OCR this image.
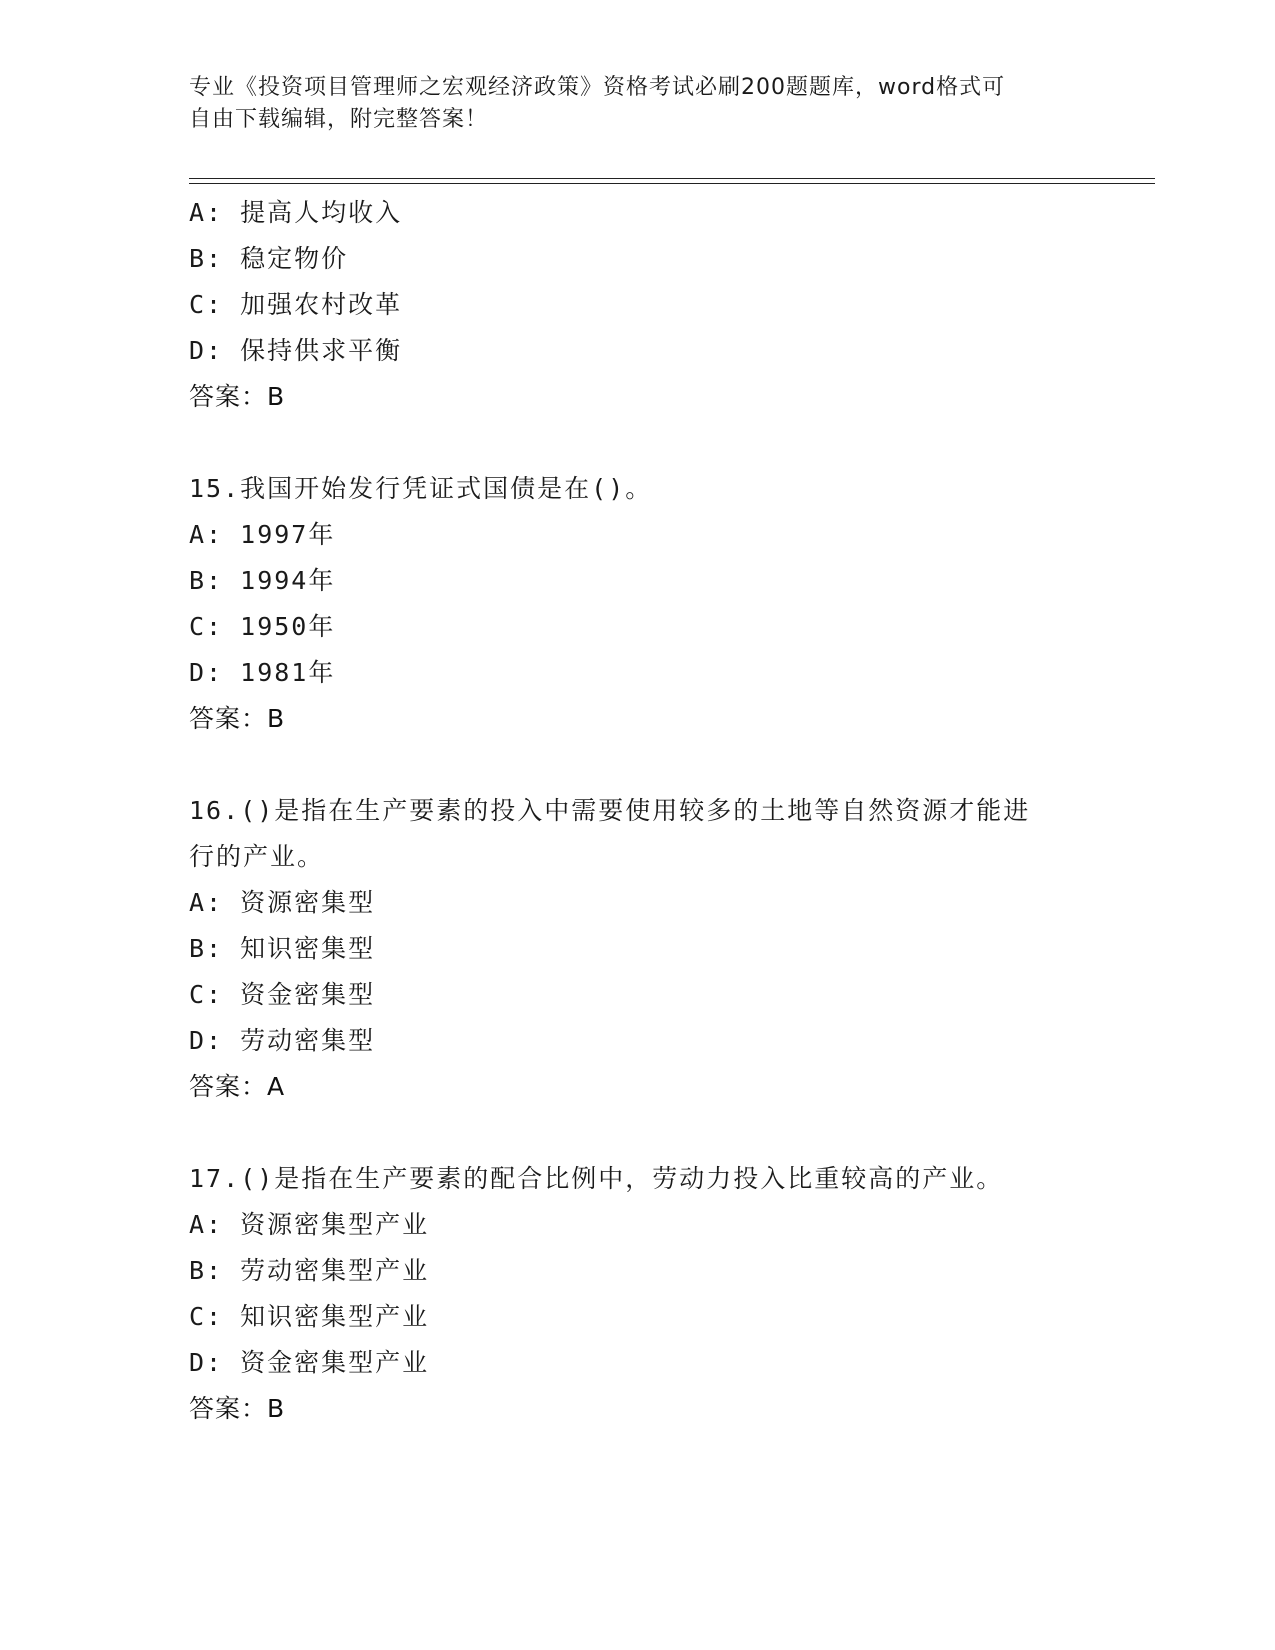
专业《投资项目管理师之宏观经济政策》资格考试必刷200题题库，word格式可
自由下载编辑，附完整答案！
A: 提高人均收入
B: 稳定物价
C: 加强农村改革
D: 保持供求平衡
答案：B
15.我国开始发行凭证式国债是在()。
A: 1997年
B: 1994年
C: 1950年
D: 1981年
答案：B
16.()是指在生产要素的投入中需要使用较多的土地等自然资源才能进
行的产业。
A: 资源密集型
B: 知识密集型
C: 资金密集型
D: 劳动密集型
答案：A
17.()是指在生产要素的配合比例中，劳动力投入比重较高的产业。
A: 资源密集型产业
B: 劳动密集型产业
C: 知识密集型产业
D: 资金密集型产业
答案：B
